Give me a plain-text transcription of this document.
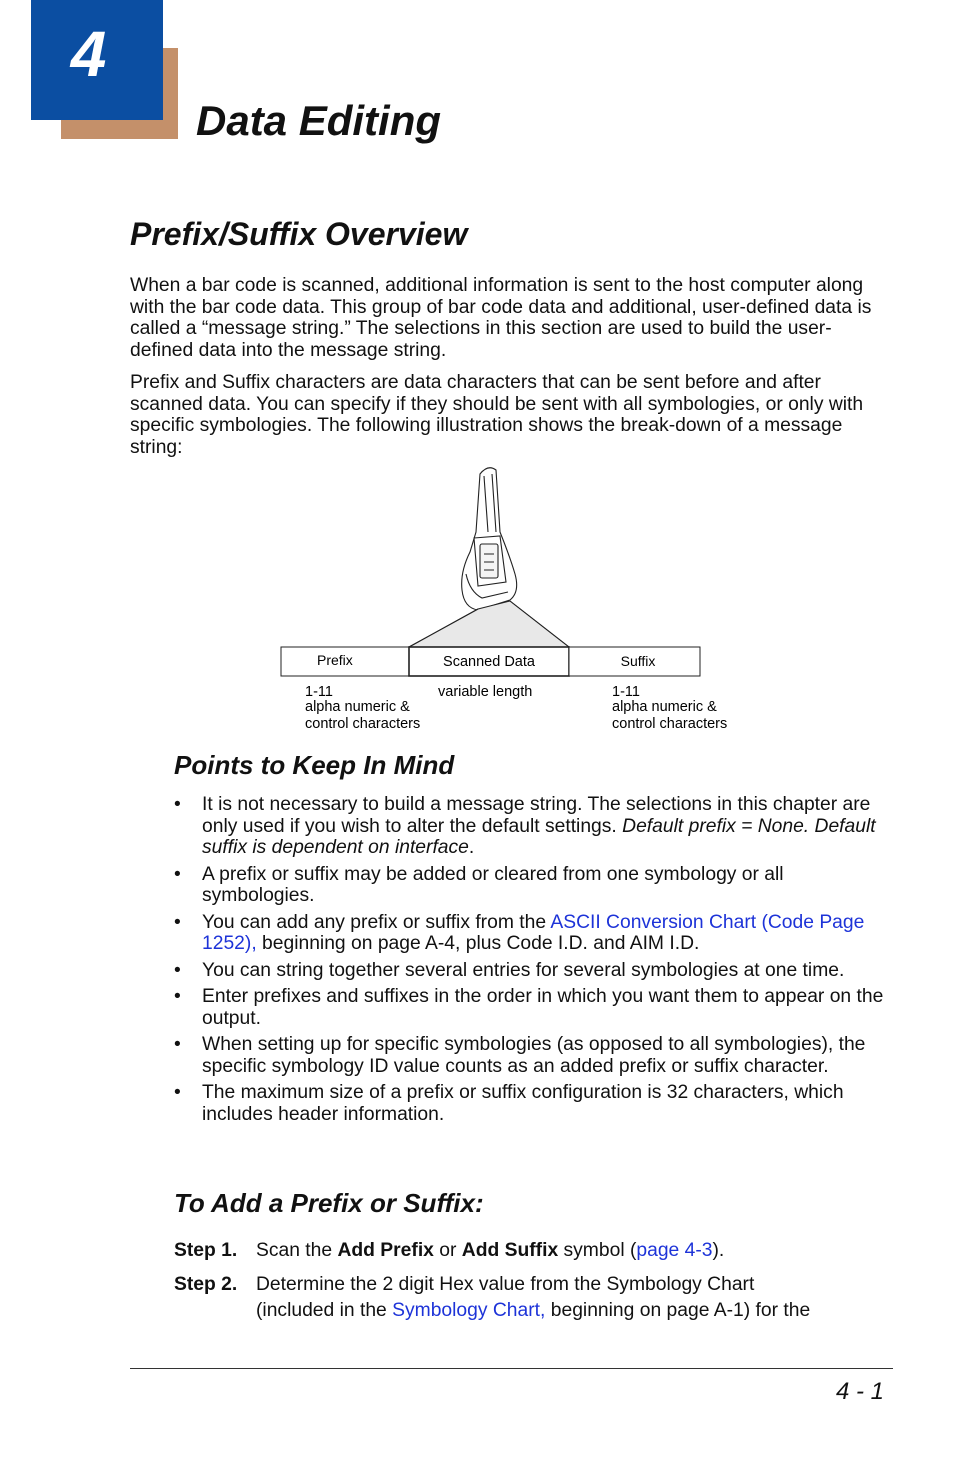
4
Data Editing
Prefix/Suffix Overview

When a bar code is scanned, additional information is sent to the host computer along with the bar code data. This group of bar code data and additional, user-defined data is called a “message string.” The selections in this section are used to build the user-defined data into the message string.

Prefix and Suffix characters are data characters that can be sent before and after scanned data. You can specify if they should be sent with all symbologies, or only with specific symbologies. The following illustration shows the break-down of a message string:

Prefix	Scanned Data	Suffix
1-11
alpha numeric &
control characters
variable length	1-11
alpha numeric &
control characters
Points to Keep In Mind
• It is not necessary to build a message string. The selections in this chapter are only used if you wish to alter the default settings. Default prefix = None. Default suffix is dependent on interface.
• A prefix or suffix may be added or cleared from one symbology or all symbologies.
• You can add any prefix or suffix from the ASCII Conversion Chart (Code Page 1252), beginning on page A-4, plus Code I.D. and AIM I.D.
• You can string together several entries for several symbologies at one time.
• Enter prefixes and suffixes in the order in which you want them to appear on the output.
• When setting up for specific symbologies (as opposed to all symbologies), the specific symbology ID value counts as an added prefix or suffix character.
• The maximum size of a prefix or suffix configuration is 32 characters, which includes header information.
To Add a Prefix or Suffix:
Step 1. Scan the Add Prefix or Add Suffix symbol (page 4-3).
Step 2. Determine the 2 digit Hex value from the Symbology Chart
(included in the Symbology Chart, beginning on page A-1) for the
4 - 1
